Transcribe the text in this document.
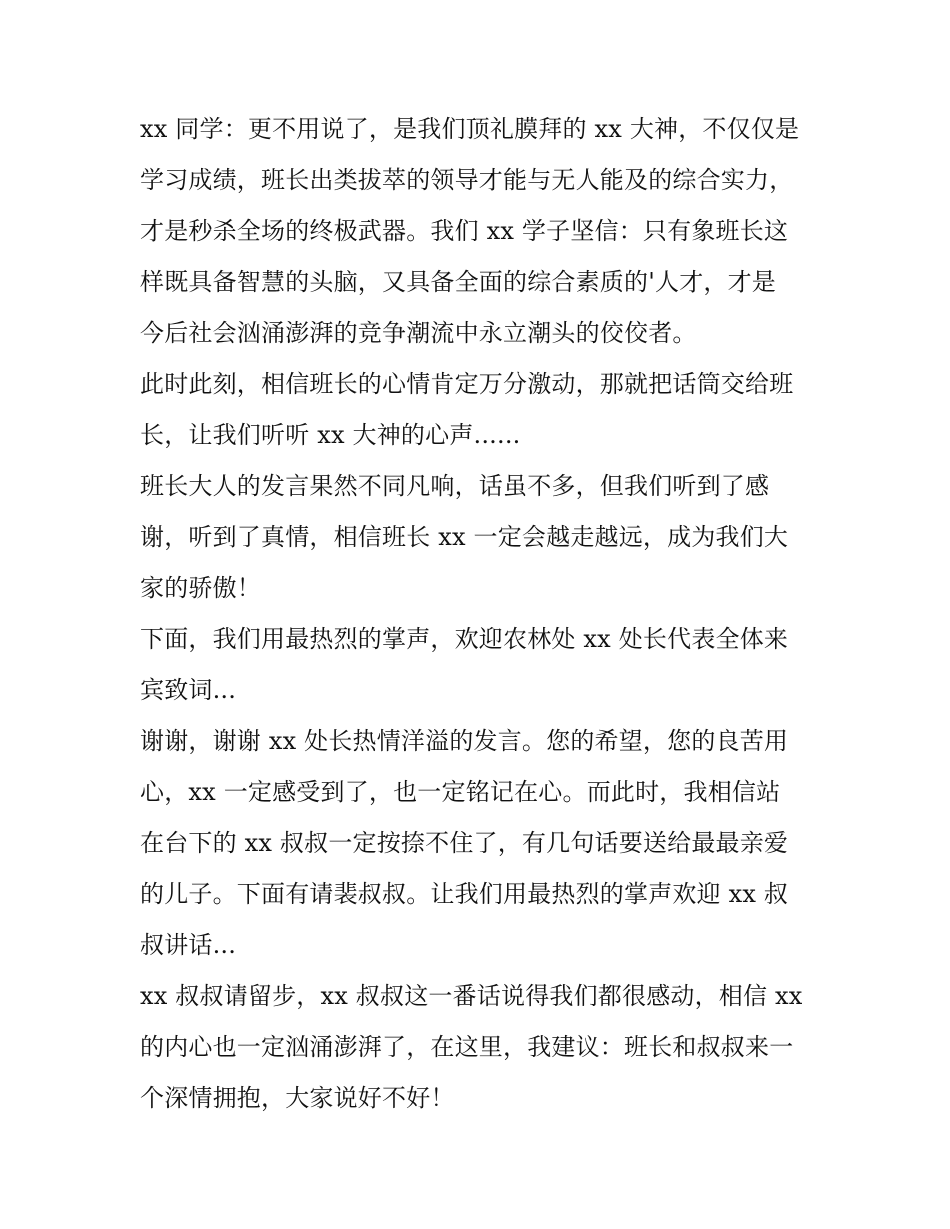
xx 同学：更不用说了，是我们顶礼膜拜的 xx 大神，不仅仅是
学习成绩，班长出类拔萃的领导才能与无人能及的综合实力，
才是秒杀全场的终极武器。我们 xx 学子坚信：只有象班长这
样既具备智慧的头脑，又具备全面的综合素质的'人才，才是
今后社会汹涌澎湃的竞争潮流中永立潮头的佼佼者。
此时此刻，相信班长的心情肯定万分激动，那就把话筒交给班
长，让我们听听 xx 大神的心声......
班长大人的发言果然不同凡响，话虽不多，但我们听到了感
谢，听到了真情，相信班长 xx 一定会越走越远，成为我们大
家的骄傲！
下面，我们用最热烈的掌声，欢迎农林处 xx 处长代表全体来
宾致词...
谢谢，谢谢 xx 处长热情洋溢的发言。您的希望，您的良苦用
心，xx 一定感受到了，也一定铭记在心。而此时，我相信站
在台下的 xx 叔叔一定按捺不住了，有几句话要送给最最亲爱
的儿子。下面有请裴叔叔。让我们用最热烈的掌声欢迎 xx 叔
叔讲话...
xx 叔叔请留步，xx 叔叔这一番话说得我们都很感动，相信 xx
的内心也一定汹涌澎湃了，在这里，我建议：班长和叔叔来一
个深情拥抱，大家说好不好！
